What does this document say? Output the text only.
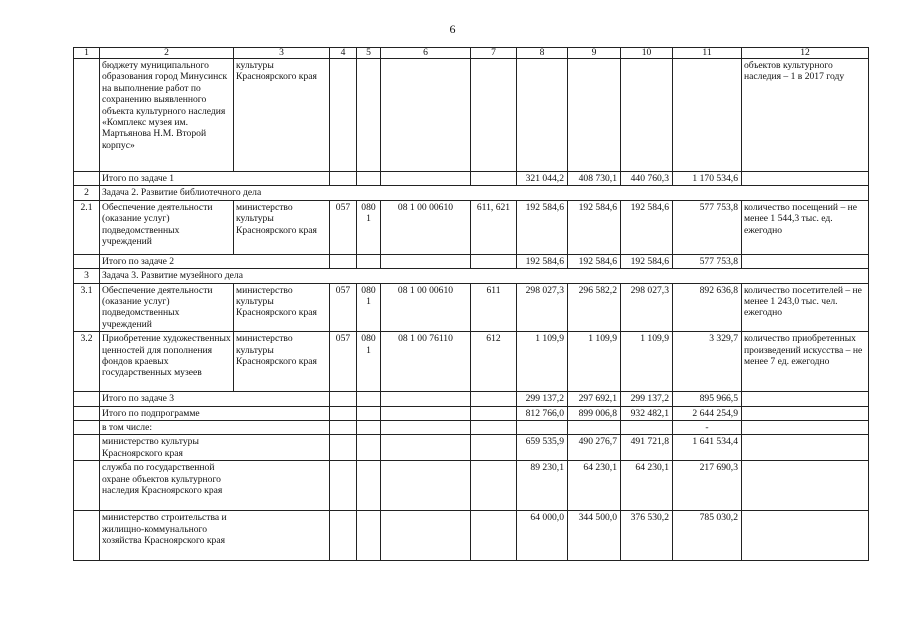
6
1	2	3	4	5	6	7	8	9	10	11	12
	бюджету муниципального образования город Минусинск на выполнение работ по сохранению выявленного объекта культурного наследия «Комплекс музея им. Мартьянова Н.М. Второй корпус»	культуры Красноярского края									объектов культурного наследия – 1 в 2017 году
	Итого по задаче 1						321 044,2	408 730,1	440 760,3	1 170 534,6	
2	Задача 2. Развитие библиотечного дела										
2.1	Обеспечение деятельности (оказание услуг) подведомственных учреждений	министерство культуры Красноярского края	057	0801	08 1 00 00610	611, 621	192 584,6	192 584,6	192 584,6	577 753,8	количество посещений – не менее 1 544,3 тыс. ед. ежегодно
	Итого по задаче 2						192 584,6	192 584,6	192 584,6	577 753,8	
3	Задача 3. Развитие музейного дела										
3.1	Обеспечение деятельности (оказание услуг) подведомственных учреждений	министерство культуры Красноярского края	057	0801	08 1 00 00610	611	298 027,3	296 582,2	298 027,3	892 636,8	количество посетителей – не менее 1 243,0 тыс. чел. ежегодно
3.2	Приобретение художественных ценностей для пополнения фондов краевых государственных музеев	министерство культуры Красноярского края	057	0801	08 1 00 76110	612	1 109,9	1 109,9	1 109,9	3 329,7	количество приобретенных произведений искусства – не менее 7 ед. ежегодно
	Итого по задаче 3						299 137,2	297 692,1	299 137,2	895 966,5	
	Итого по подпрограмме						812 766,0	899 006,8	932 482,1	2 644 254,9	
	в том числе:									-	

	министерство культуры Красноярского края						659 535,9	490 276,7	491 721,8	1 641 534,4	

	служба по государственной охране объектов культурного наследия Красноярского края						89 230,1	64 230,1	64 230,1	217 690,3	

	министерство строительства и жилищно-коммунального хозяйства Красноярского края						64 000,0	344 500,0	376 530,2	785 030,2	
